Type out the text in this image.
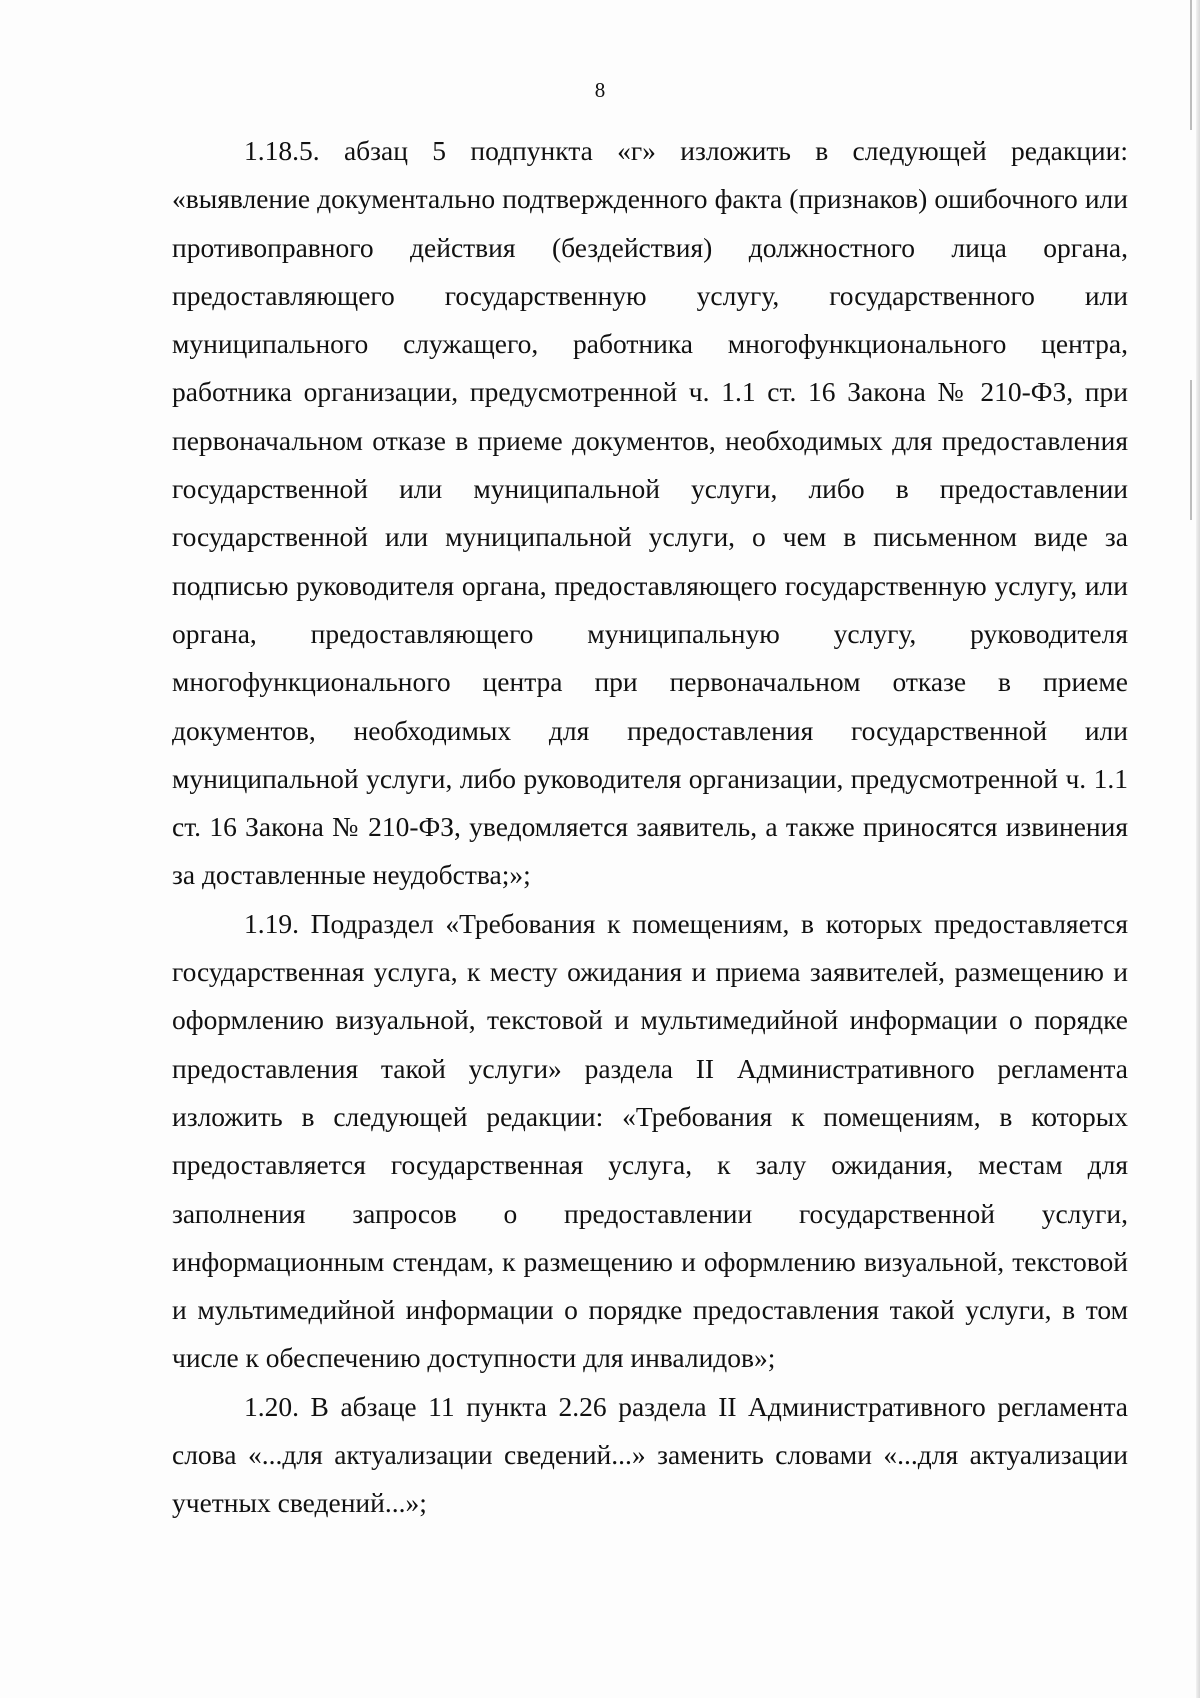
8

1.18.5. абзац 5 подпункта «г» изложить в следующей редакции: «выявление документально подтвержденного факта (признаков) ошибочного или противоправного действия (бездействия) должностного лица органа, предоставляющего государственную услугу, государственного или муниципального служащего, работника многофункционального центра, работника организации, предусмотренной ч. 1.1 ст. 16 Закона № 210-ФЗ, при первоначальном отказе в приеме документов, необходимых для предоставления государственной или муниципальной услуги, либо в предоставлении государственной или муниципальной услуги, о чем в письменном виде за подписью руководителя органа, предоставляющего государственную услугу, или органа, предоставляющего муниципальную услугу, руководителя многофункционального центра при первоначальном отказе в приеме документов, необходимых для предоставления государственной или муниципальной услуги, либо руководителя организации, предусмотренной ч. 1.1 ст. 16 Закона № 210-ФЗ, уведомляется заявитель, а также приносятся извинения за доставленные неудобства;»;

1.19. Подраздел «Требования к помещениям, в которых предоставляется государственная услуга, к месту ожидания и приема заявителей, размещению и оформлению визуальной, текстовой и мультимедийной информации о порядке предоставления такой услуги» раздела II Административного регламента изложить в следующей редакции: «Требования к помещениям, в которых предоставляется государственная услуга, к залу ожидания, местам для заполнения запросов о предоставлении государственной услуги, информационным стендам, к размещению и оформлению визуальной, текстовой и мультимедийной информации о порядке предоставления такой услуги, в том числе к обеспечению доступности для инвалидов»;

1.20. В абзаце 11 пункта 2.26 раздела II Административного регламента слова «...для актуализации сведений...» заменить словами «...для актуализации учетных сведений...»;
